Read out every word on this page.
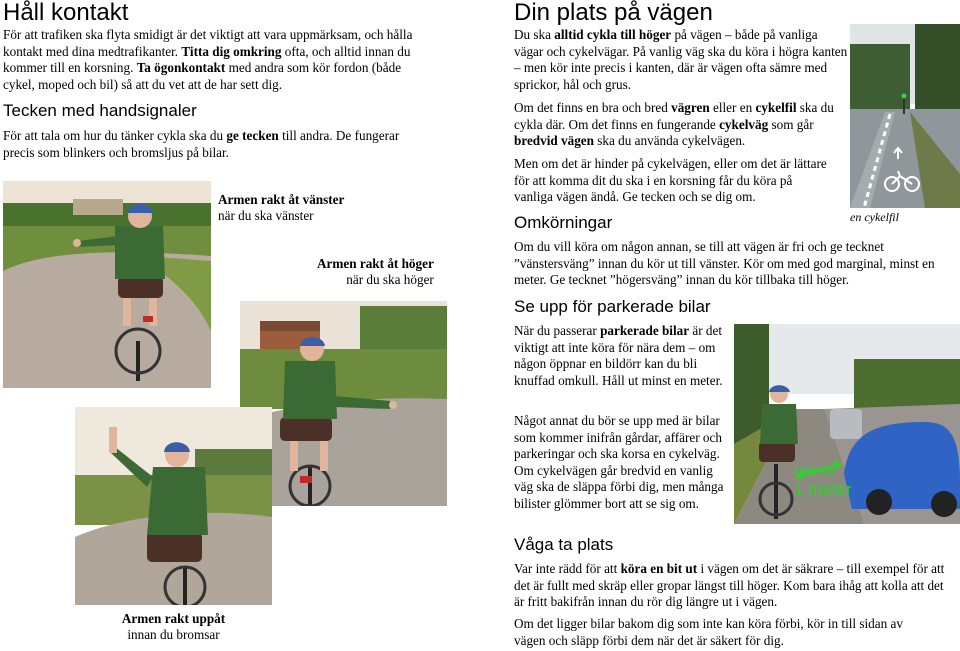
Håll kontakt
För att trafiken ska flyta smidigt är det viktigt att vara uppmärksam, och hålla kontakt med dina medtrafikanter. Titta dig omkring ofta, och alltid innan du kommer till en korsning. Ta ögonkontakt med andra som kör fordon (både cykel, moped och bil) så att du vet att de har sett dig.
Tecken med handsignaler
För att tala om hur du tänker cykla ska du ge tecken till andra. De fungerar precis som blinkers och bromsljus på bilar.
Armen rakt åt vänster
när du ska vänster
Armen rakt åt höger
när du ska höger
Armen rakt uppåt
innan du bromsar
Din plats på vägen
Du ska alltid cykla till höger på vägen – både på vanliga vägar och cykelvägar. På vanlig väg ska du köra i högra kanten – men kör inte precis i kanten, där är vägen ofta sämre med sprickor, hål och grus.
Om det finns en bra och bred vägren eller en cykelfil ska du cykla där. Om det finns en fungerande cykelväg som går bredvid vägen ska du använda cykelvägen.
Men om det är hinder på cykelvägen, eller om det är lättare för att komma dit du ska i en korsning får du köra på vanliga vägen ändå. Ge tecken och se dig om.
en cykelfil
Omkörningar
Om du vill köra om någon annan, se till att vägen är fri och ge tecknet ”vänstersväng” innan du kör ut till vänster. Kör om med god marginal, minst en meter. Ge tecknet ”högersväng” innan du kör tillbaka till höger.
Se upp för parkerade bilar
När du passerar parkerade bilar är det viktigt att inte köra för nära dem – om någon öppnar en bildörr kan du bli knuffad omkull. Håll ut minst en meter.
Något annat du bör se upp med är bilar som kommer inifrån gårdar, affärer och parkeringar och ska korsa en cykelväg. Om cykelvägen går bredvid en vanlig väg ska de släppa förbi dig, men många bilister glömmer bort att se sig om.
minst
1 meter
Våga ta plats
Var inte rädd för att köra en bit ut i vägen om det är säkrare – till exempel för att det är fullt med skräp eller gropar längst till höger. Kom bara ihåg att kolla att det är fritt bakifrån innan du rör dig längre ut i vägen.
Om det ligger bilar bakom dig som inte kan köra förbi, kör in till sidan av vägen och släpp förbi dem när det är säkert för dig.
